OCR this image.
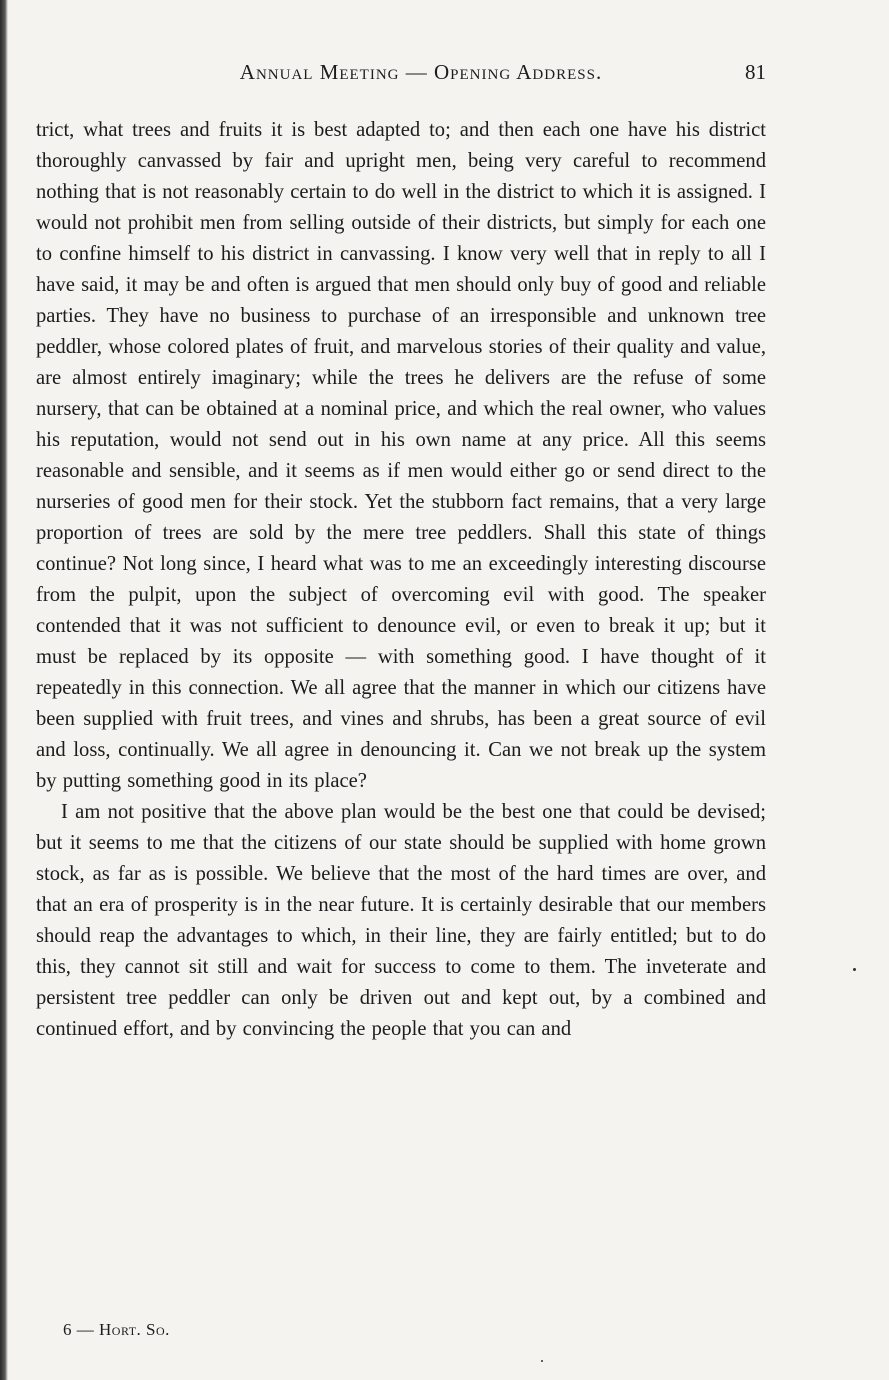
Annual Meeting — Opening Address.	81

trict, what trees and fruits it is best adapted to; and then each one have his district thoroughly canvassed by fair and upright men, being very careful to recommend nothing that is not reasonably certain to do well in the district to which it is assigned. I would not prohibit men from selling outside of their districts, but simply for each one to confine himself to his district in canvassing. I know very well that in reply to all I have said, it may be and often is argued that men should only buy of good and reliable parties. They have no business to purchase of an irresponsible and unknown tree peddler, whose colored plates of fruit, and marvelous stories of their quality and value, are almost entirely imaginary; while the trees he delivers are the refuse of some nursery, that can be obtained at a nominal price, and which the real owner, who values his reputation, would not send out in his own name at any price. All this seems reasonable and sensible, and it seems as if men would either go or send direct to the nurseries of good men for their stock. Yet the stubborn fact remains, that a very large proportion of trees are sold by the mere tree peddlers. Shall this state of things continue? Not long since, I heard what was to me an exceedingly interesting discourse from the pulpit, upon the subject of overcoming evil with good. The speaker contended that it was not sufficient to denounce evil, or even to break it up; but it must be replaced by its opposite — with something good. I have thought of it repeatedly in this connection. We all agree that the manner in which our citizens have been supplied with fruit trees, and vines and shrubs, has been a great source of evil and loss, continually. We all agree in denouncing it. Can we not break up the system by putting something good in its place?

I am not positive that the above plan would be the best one that could be devised; but it seems to me that the citizens of our state should be supplied with home grown stock, as far as is possible. We believe that the most of the hard times are over, and that an era of prosperity is in the near future. It is certainly desirable that our members should reap the advantages to which, in their line, they are fairly entitled; but to do this, they cannot sit still and wait for success to come to them. The inveterate and persistent tree peddler can only be driven out and kept out, by a combined and continued effort, and by convincing the people that you can and

6 — Hort. So.
